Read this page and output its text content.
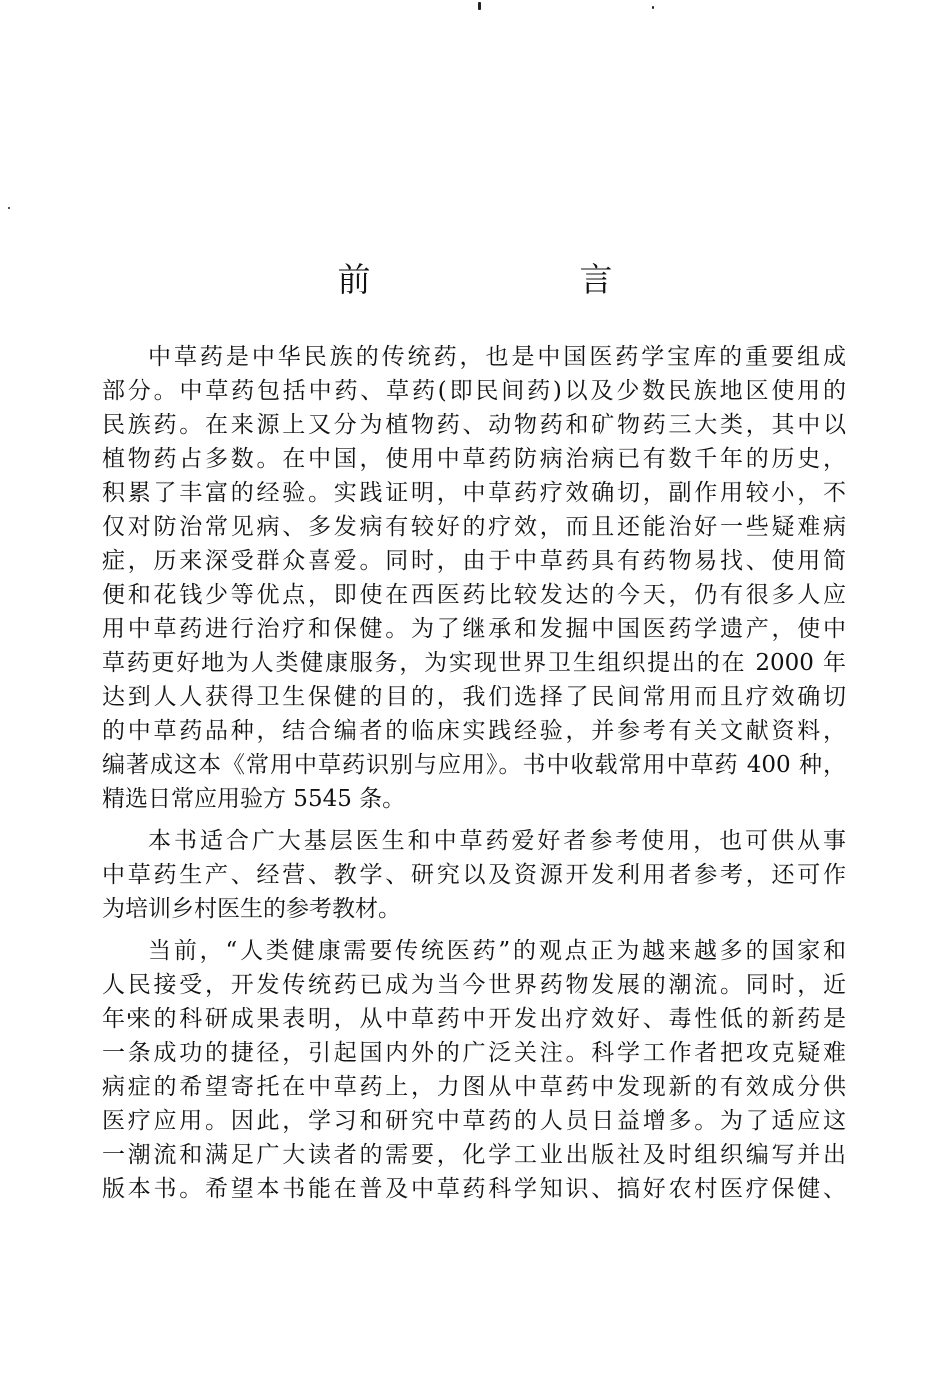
前　言

中草药是中华民族的传统药，也是中国医药学宝库的重要组成
部分。中草药包括中药、草药(即民间药)以及少数民族地区使用的
民族药。在来源上又分为植物药、动物药和矿物药三大类，其中以
植物药占多数。在中国，使用中草药防病治病已有数千年的历史，
积累了丰富的经验。实践证明，中草药疗效确切，副作用较小，不
仅对防治常见病、多发病有较好的疗效，而且还能治好一些疑难病
症，历来深受群众喜爱。同时，由于中草药具有药物易找、使用简
便和花钱少等优点，即使在西医药比较发达的今天，仍有很多人应
用中草药进行治疗和保健。为了继承和发掘中国医药学遗产，使中
草药更好地为人类健康服务，为实现世界卫生组织提出的在 2000 年
达到人人获得卫生保健的目的，我们选择了民间常用而且疗效确切
的中草药品种，结合编者的临床实践经验，并参考有关文献资料，
编著成这本《常用中草药识别与应用》。书中收载常用中草药 400 种，
精选日常应用验方 5545 条。

本书适合广大基层医生和中草药爱好者参考使用，也可供从事
中草药生产、经营、教学、研究以及资源开发利用者参考，还可作
为培训乡村医生的参考教材。

当前，“人类健康需要传统医药”的观点正为越来越多的国家和
人民接受，开发传统药已成为当今世界药物发展的潮流。同时，近
年来的科研成果表明，从中草药中开发出疗效好、毒性低的新药是
一条成功的捷径，引起国内外的广泛关注。科学工作者把攻克疑难
病症的希望寄托在中草药上，力图从中草药中发现新的有效成分供
医疗应用。因此，学习和研究中草药的人员日益增多。为了适应这
一潮流和满足广大读者的需要，化学工业出版社及时组织编写并出
版本书。希望本书能在普及中草药科学知识、搞好农村医疗保健、
